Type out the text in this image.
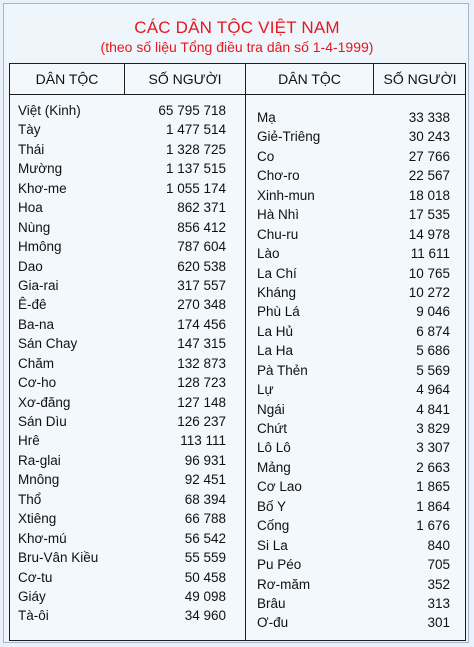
CÁC DÂN TỘC VIỆT NAM
(theo số liệu Tổng điều tra dân số 1-4-1999)
DÂN TỘC	SỐ NGƯỜI	DÂN TỘC	SỐ NGƯỜI
Việt (Kinh)	65 795 718
Tày	1 477 514
Thái	1 328 725
Mường	1 137 515
Khơ-me	1 055 174
Hoa	862 371
Nùng	856 412
Hmông	787 604
Dao	620 538
Gia-rai	317 557
Ê-đê	270 348
Ba-na	174 456
Sán Chay	147 315
Chăm	132 873
Cơ-ho	128 723
Xơ-đăng	127 148
Sán Dìu	126 237
Hrê	113 111
Ra-glai	96 931
Mnông	92 451
Thổ	68 394
Xtiêng	66 788
Khơ-mú	56 542
Bru-Vân Kiều	55 559
Cơ-tu	50 458
Giáy	49 098
Tà-ôi	34 960
Mạ	33 338
Giẻ-Triêng	30 243
Co	27 766
Chơ-ro	22 567
Xinh-mun	18 018
Hà Nhì	17 535
Chu-ru	14 978
Lào	11 611
La Chí	10 765
Kháng	10 272
Phù Lá	9 046
La Hủ	6 874
La Ha	5 686
Pà Thẻn	5 569
Lự	4 964
Ngái	4 841
Chứt	3 829
Lô Lô	3 307
Mảng	2 663
Cơ Lao	1 865
Bố Y	1 864
Cống	1 676
Si La	840
Pu Péo	705
Rơ-măm	352
Brâu	313
Ơ-đu	301
